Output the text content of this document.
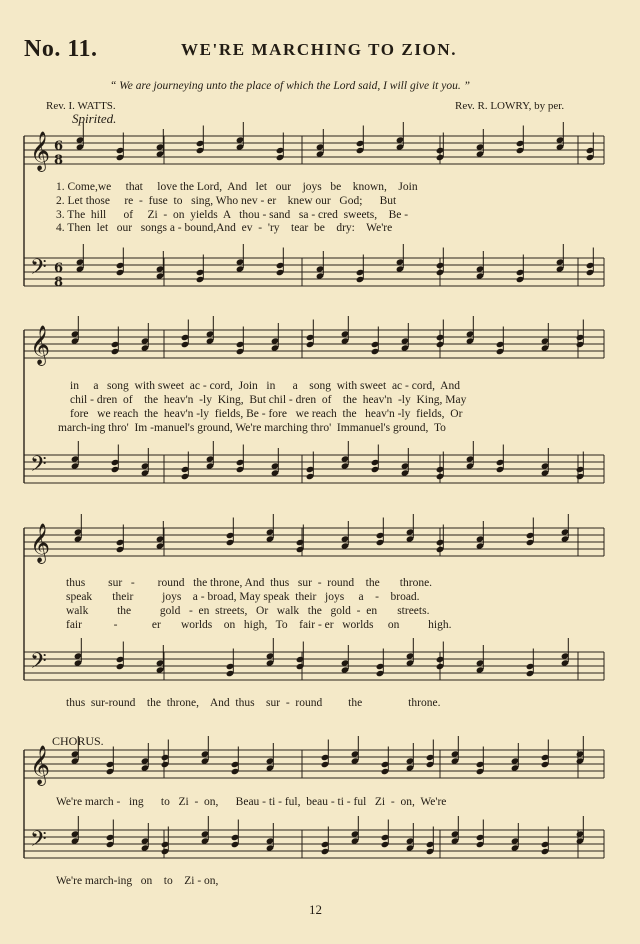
No. 11.	WE'RE MARCHING TO ZION.
“ We are journeying unto the place of which the Lord said, I will give it you. ”
Rev. I. WATTS.	Rev. R. LOWRY, by per.
Spirited.
𝄞
𝄢
𝄞
𝄢
𝄞
𝄢
𝄞
𝄢
6
8
6
8
1. Come,we     that     love the Lord,  And   let   our    joys   be    known,    Join
2. Let those     re  -  fuse  to   sing, Who nev - er    knew our   God;      But
3. The  hill      of     Zi  -  on  yields  A   thou - sand   sa - cred  sweets,    Be -
4. Then  let   our   songs a - bound,And  ev  -  'ry    tear  be    dry:    We're
in     a   song  with sweet  ac - cord,  Join   in      a    song  with sweet  ac - cord,  And
chil - dren  of    the  heav'n  -ly  King,  But chil - dren  of    the  heav'n  -ly  King, May
fore   we reach  the  heav'n -ly  fields, Be - fore   we reach  the   heav'n -ly  fields,  Or
march-ing thro'  Im -manuel's ground, We're marching thro'  Immanuel's ground,  To
thus        sur   -        round   the throne, And  thus   sur  -  round    the       throne.
speak       their          joys    a - broad, May speak  their   joys     a    -    broad.
walk          the          gold   -  en  streets,   Or   walk   the   gold  -  en       streets.
fair           -            er       worlds    on   high,   To    fair - er   worlds     on          high.
thus  sur-round    the  throne,    And  thus    sur  -  round         the                throne.
CHORUS.
We're march -   ing      to   Zi  -  on,      Beau - ti - ful,  beau - ti - ful   Zi  -  on,  We're
We're march-ing   on    to    Zi - on,
12
